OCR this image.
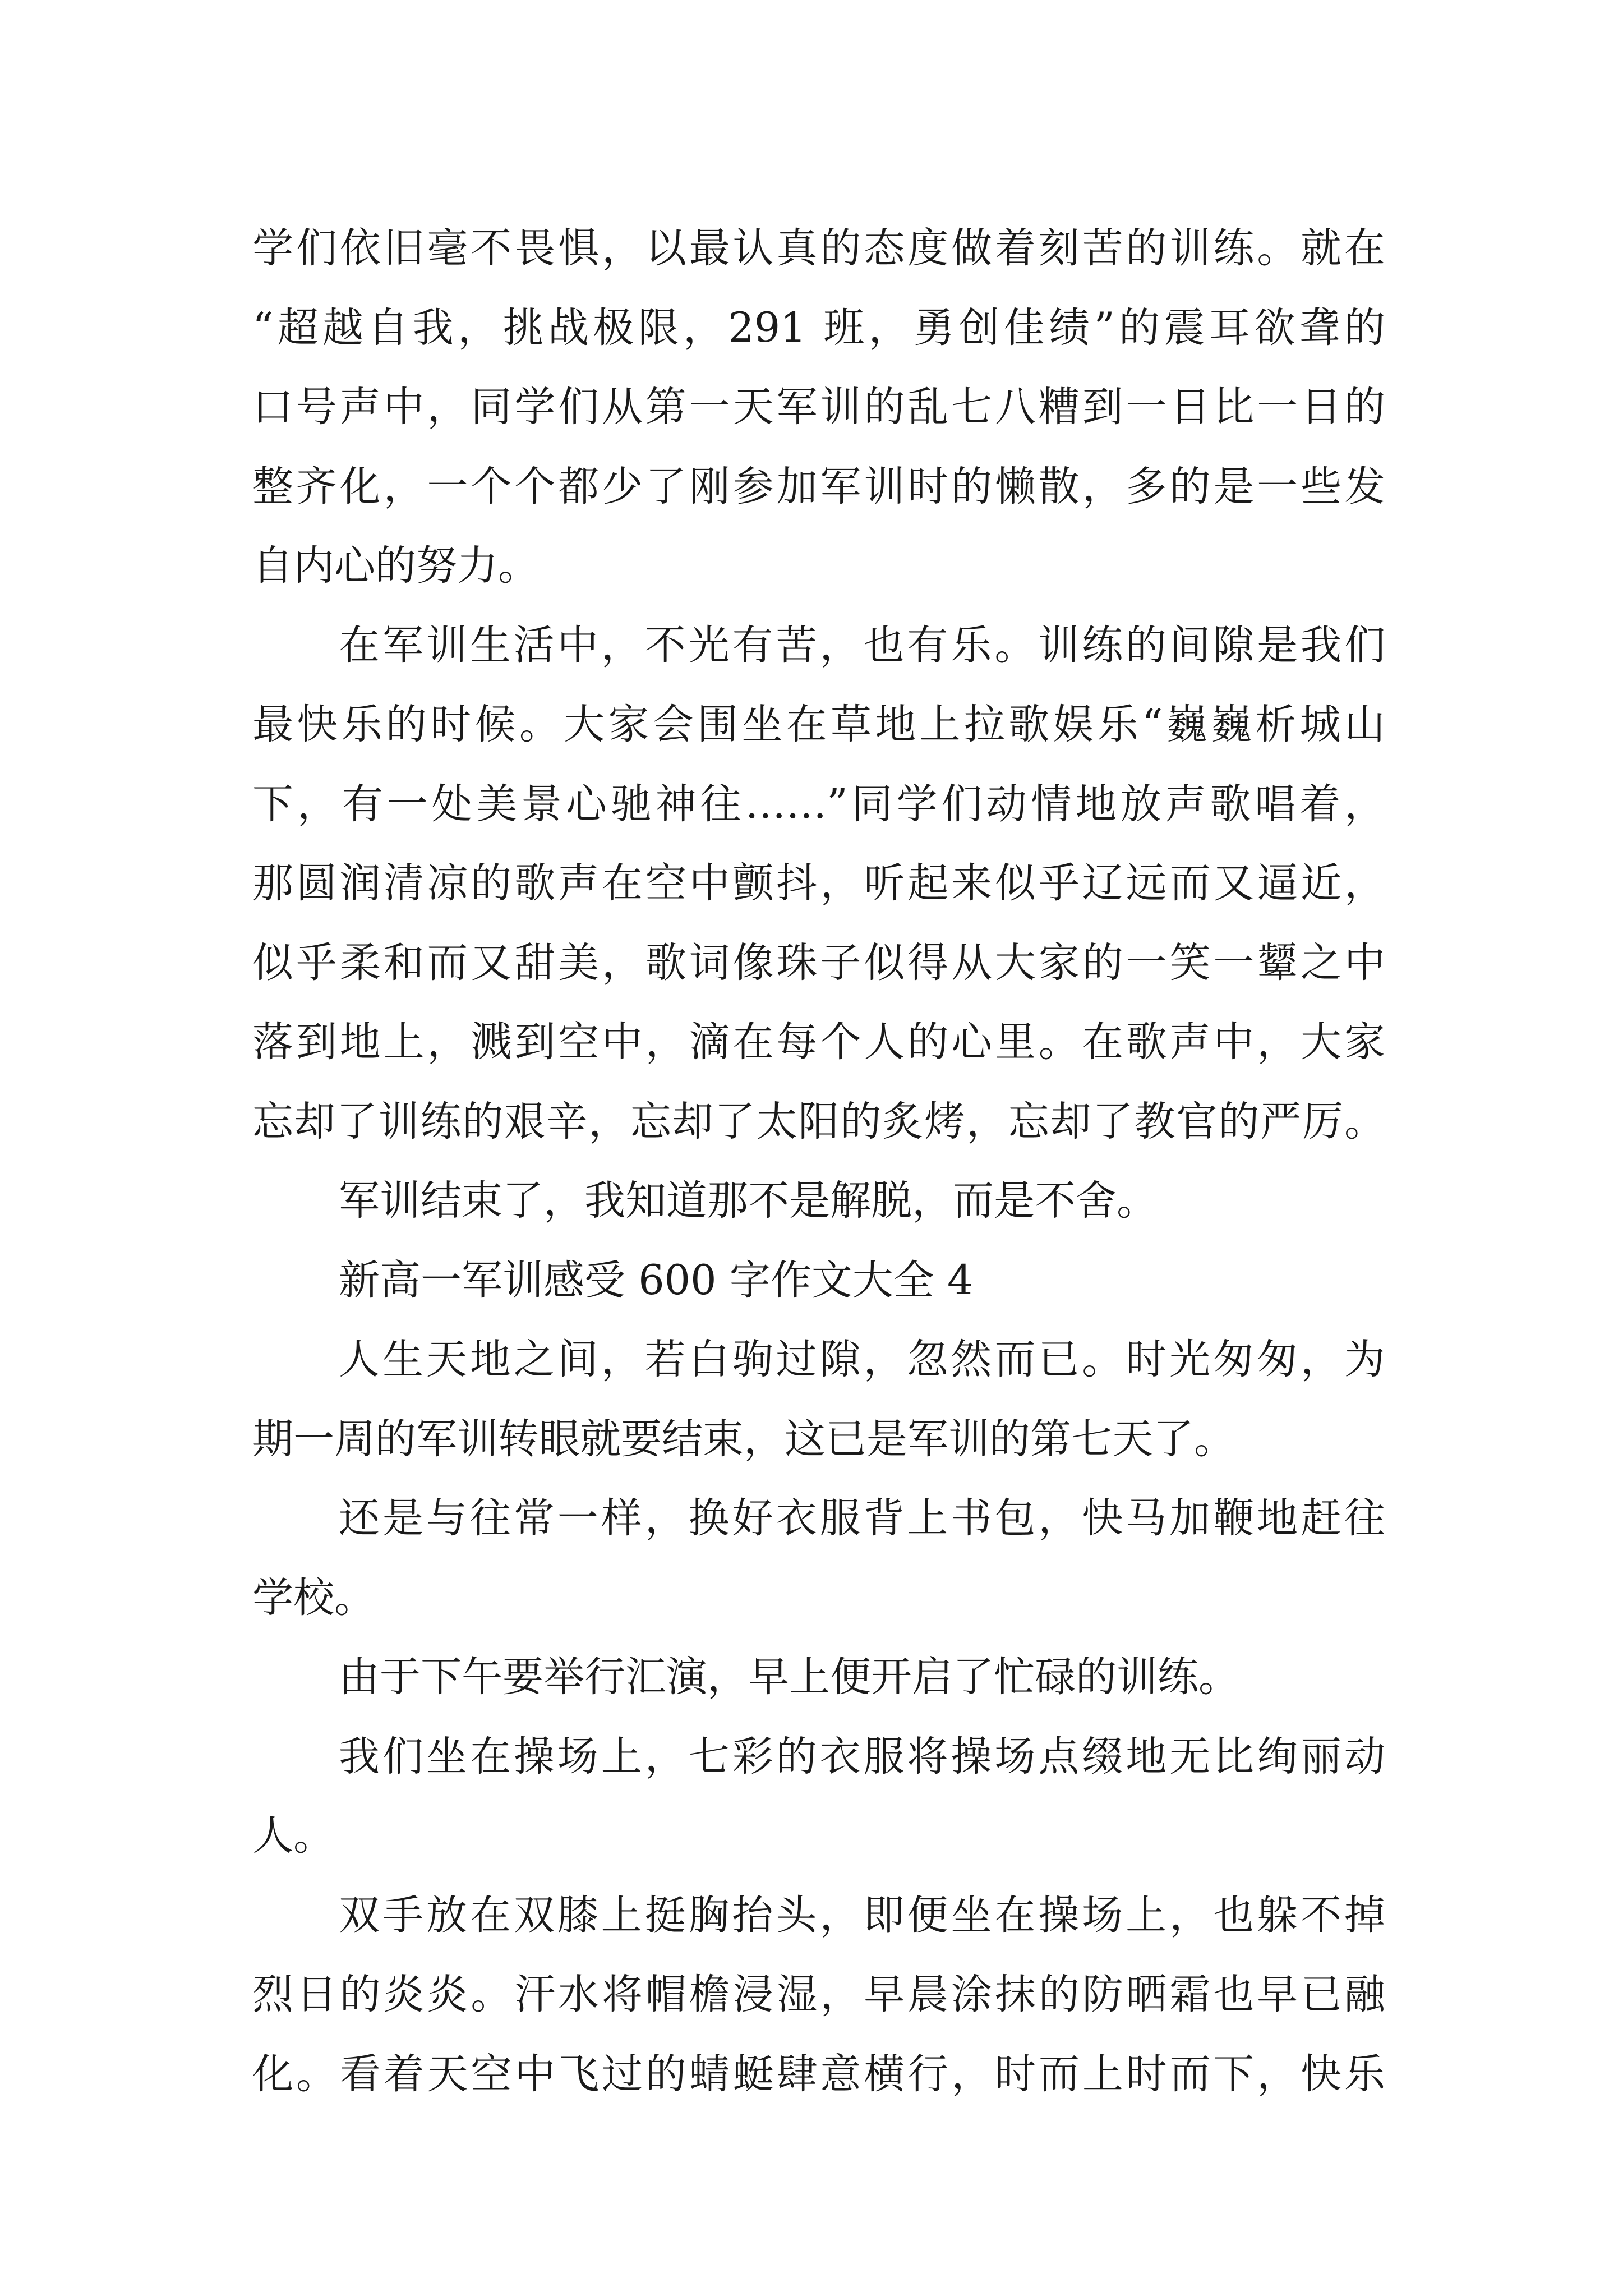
学们依旧毫不畏惧，以最认真的态度做着刻苦的训练。就在
“超越自我，挑战极限，291 班，勇创佳绩”的震耳欲聋的
口号声中，同学们从第一天军训的乱七八糟到一日比一日的
整齐化，一个个都少了刚参加军训时的懒散，多的是一些发
自内心的努力。
在军训生活中，不光有苦，也有乐。训练的间隙是我们
最快乐的时候。大家会围坐在草地上拉歌娱乐“巍巍析城山
下，有一处美景心驰神往……”同学们动情地放声歌唱着，
那圆润清凉的歌声在空中颤抖，听起来似乎辽远而又逼近，
似乎柔和而又甜美，歌词像珠子似得从大家的一笑一颦之中
落到地上，溅到空中，滴在每个人的心里。在歌声中，大家
忘却了训练的艰辛，忘却了太阳的炙烤，忘却了教官的严厉。
军训结束了，我知道那不是解脱，而是不舍。
新高一军训感受 600 字作文大全 4
人生天地之间，若白驹过隙，忽然而已。时光匆匆，为
期一周的军训转眼就要结束，这已是军训的第七天了。
还是与往常一样，换好衣服背上书包，快马加鞭地赶往
学校。
由于下午要举行汇演，早上便开启了忙碌的训练。
我们坐在操场上，七彩的衣服将操场点缀地无比绚丽动
人。
双手放在双膝上挺胸抬头，即便坐在操场上，也躲不掉
烈日的炎炎。汗水将帽檐浸湿，早晨涂抹的防晒霜也早已融
化。看着天空中飞过的蜻蜓肆意横行，时而上时而下，快乐
